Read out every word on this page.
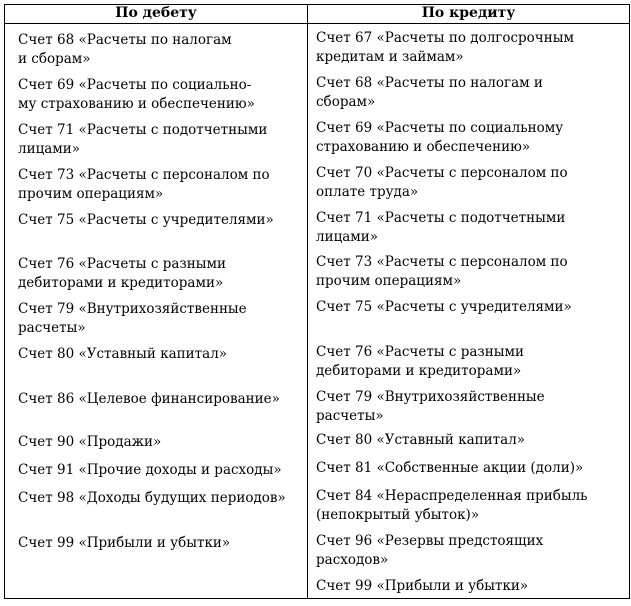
По дебету	По кредиту

Счет 68 «Расчеты по налогам
и сборам»	Счет 67 «Расчеты по долгосрочным
кредитам и займам»

Счет 69 «Расчеты по социально-
му страхованию и обеспечению»	Счет 68 «Расчеты по налогам и
сборам»

Счет 71 «Расчеты с подотчетными
лицами»	Счет 69 «Расчеты по социальному
страхованию и обеспечению»

Счет 73 «Расчеты с персоналом по
прочим операциям»	Счет 70 «Расчеты с персоналом по
оплате труда»

Счет 75 «Расчеты с учредителями»	Счет 71 «Расчеты с подотчетными
лицами»

Счет 76 «Расчеты с разными
дебиторами и кредиторами»	Счет 73 «Расчеты с персоналом по
прочим операциям»

Счет 79 «Внутрихозяйственные
расчеты»	Счет 75 «Расчеты с учредителями»

Счет 80 «Уставный капитал»	Счет 76 «Расчеты с разными
дебиторами и кредиторами»

Счет 86 «Целевое финансирование»	Счет 79 «Внутрихозяйственные
расчеты»

Счет 90 «Продажи»	Счет 80 «Уставный капитал»

Счет 91 «Прочие доходы и расходы»	Счет 81 «Собственные акции (доли)»

Счет 98 «Доходы будущих периодов»	Счет 84 «Нераспределенная прибыль
(непокрытый убыток)»

Счет 99 «Прибыли и убытки»	Счет 96 «Резервы предстоящих
расходов»

	Счет 99 «Прибыли и убытки»
